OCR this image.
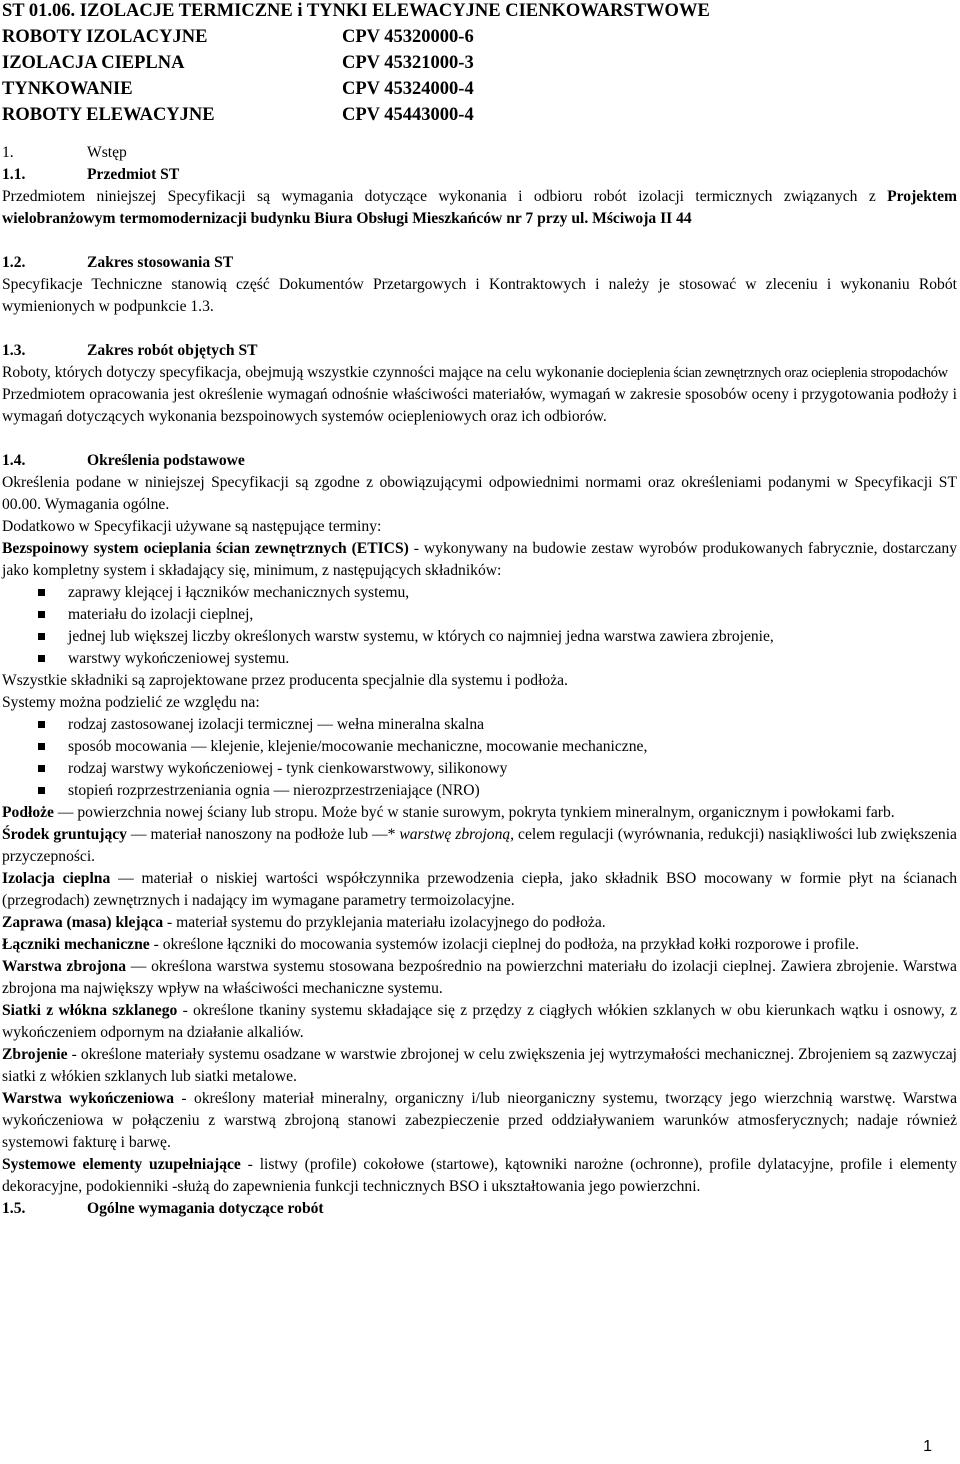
ST 01.06. IZOLACJE TERMICZNE i TYNKI ELEWACYJNE CIENKOWARSTWOWE

ROBOTY IZOLACYJNE	CPV 45320000-6
IZOLACJA CIEPLNA	CPV 45321000-3
TYNKOWANIE	CPV 45324000-4
ROBOTY ELEWACYJNE	CPV 45443000-4
1.	Wstęp
1.1.	Przedmiot ST

Przedmiotem niniejszej Specyfikacji są wymagania dotyczące wykonania i odbioru robót izolacji termicznych związanych z Projektem wielobranżowym termomodernizacji budynku Biura Obsługi Mieszkańców nr 7 przy ul. Mściwoja II 44

1.2.	Zakres stosowania ST

Specyfikacje Techniczne stanowią część Dokumentów Przetargowych i Kontraktowych i należy je stosować w zleceniu i wykonaniu Robót wymienionych w podpunkcie 1.3.

1.3.	Zakres robót objętych ST

Roboty, których dotyczy specyfikacja, obejmują wszystkie czynności mające na celu wykonanie docieplenia ścian zewnętrznych oraz ocieplenia stropodachów

Przedmiotem opracowania jest określenie wymagań odnośnie właściwości materiałów, wymagań w zakresie sposobów oceny i przygotowania podłoży i wymagań dotyczących wykonania bezspoinowych systemów ociepleniowych oraz ich odbiorów.

1.4.	Określenia podstawowe

Określenia podane w niniejszej Specyfikacji są zgodne z obowiązującymi odpowiednimi normami oraz określeniami podanymi w Specyfikacji ST 00.00. Wymagania ogólne.

Dodatkowo w Specyfikacji używane są następujące terminy:

Bezspoinowy system ocieplania ścian zewnętrznych (ETICS) - wykonywany na budowie zestaw wyrobów produkowanych fabrycznie, dostarczany jako kompletny system i składający się, minimum, z następujących składników:

zaprawy klejącej i łączników mechanicznych systemu,
materiału do izolacji cieplnej,
jednej lub większej liczby określonych warstw systemu, w których co najmniej jedna warstwa zawiera zbrojenie,
warstwy wykończeniowej systemu.

Wszystkie składniki są zaprojektowane przez producenta specjalnie dla systemu i podłoża.

Systemy można podzielić ze względu na:

rodzaj zastosowanej izolacji termicznej — wełna mineralna skalna
sposób mocowania — klejenie, klejenie/mocowanie mechaniczne, mocowanie mechaniczne,
rodzaj warstwy wykończeniowej - tynk cienkowarstwowy, silikonowy
stopień rozprzestrzeniania ognia — nierozprzestrzeniające (NRO)

Podłoże — powierzchnia nowej ściany lub stropu. Może być w stanie surowym, pokryta tynkiem mineralnym, organicznym i powłokami farb.

Środek gruntujący — materiał nanoszony na podłoże lub —* warstwę zbrojoną, celem regulacji (wyrównania, redukcji) nasiąkliwości lub zwiększenia przyczepności.

Izolacja cieplna — materiał o niskiej wartości współczynnika przewodzenia ciepła, jako składnik BSO mocowany w formie płyt na ścianach (przegrodach) zewnętrznych i nadający im wymagane parametry termoizolacyjne.

Zaprawa (masa) klejąca - materiał systemu do przyklejania materiału izolacyjnego do podłoża.

Łączniki mechaniczne - określone łączniki do mocowania systemów izolacji cieplnej do podłoża, na przykład kołki rozporowe i profile.

Warstwa zbrojona — określona warstwa systemu stosowana bezpośrednio na powierzchni materiału do izolacji cieplnej. Zawiera zbrojenie. Warstwa zbrojona ma największy wpływ na właściwości mechaniczne systemu.

Siatki z włókna szklanego - określone tkaniny systemu składające się z przędzy z ciągłych włókien szklanych w obu kierunkach wątku i osnowy, z wykończeniem odpornym na działanie alkaliów.

Zbrojenie - określone materiały systemu osadzane w warstwie zbrojonej w celu zwiększenia jej wytrzymałości mechanicznej. Zbrojeniem są zazwyczaj siatki z włókien szklanych lub siatki metalowe.

Warstwa wykończeniowa - określony materiał mineralny, organiczny i/lub nieorganiczny systemu, tworzący jego wierzchnią warstwę. Warstwa wykończeniowa w połączeniu z warstwą zbrojoną stanowi zabezpieczenie przed oddziaływaniem warunków atmosferycznych; nadaje również systemowi fakturę i barwę.

Systemowe elementy uzupełniające - listwy (profile) cokołowe (startowe), kątowniki narożne (ochronne), profile dylatacyjne, profile i elementy dekoracyjne, podokienniki -służą do zapewnienia funkcji technicznych BSO i ukształtowania jego powierzchni.

1.5.	Ogólne wymagania dotyczące robót
1
